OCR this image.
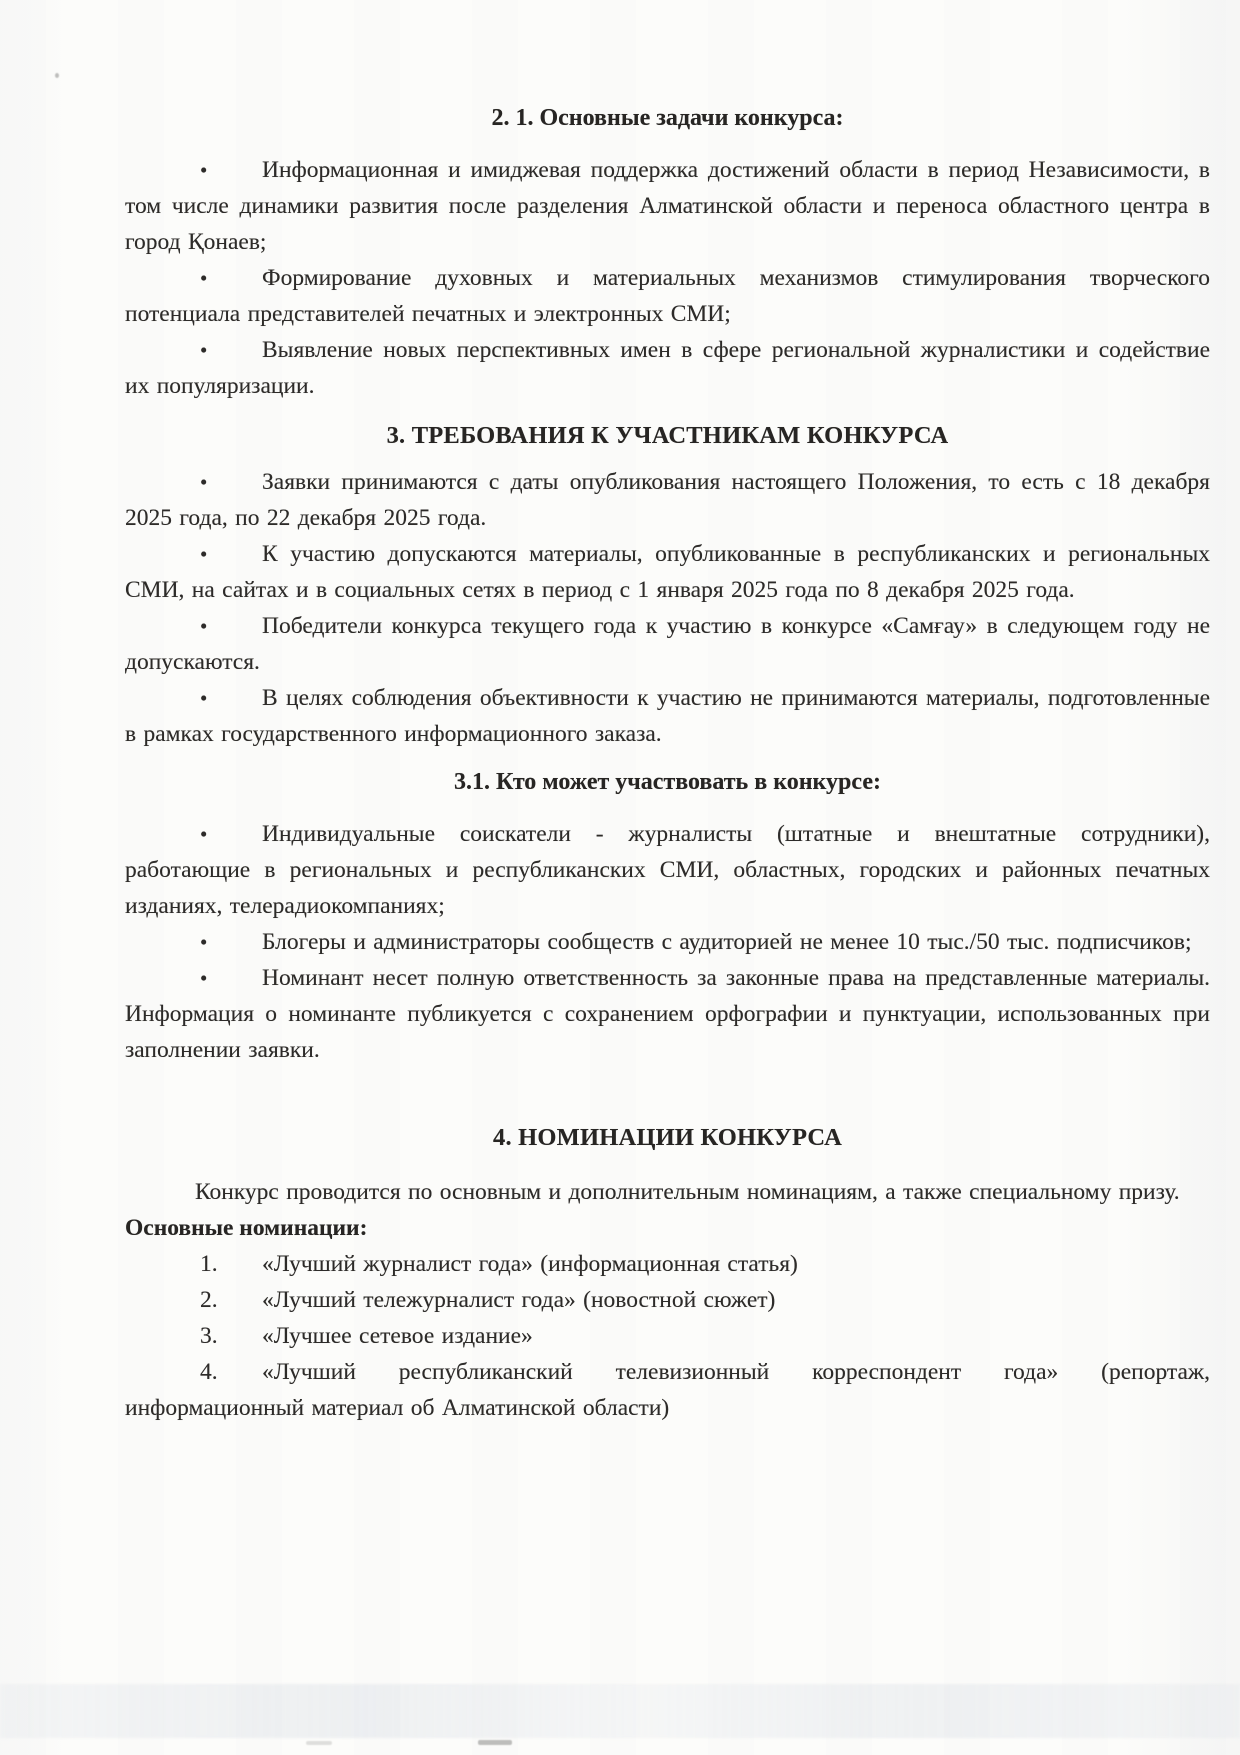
2. 1. Основные задачи конкурса:

• Информационная и имиджевая поддержка достижений области в период Независимости, в том числе динамики развития после разделения Алматинской области и переноса областного центра в город Қонаев;

• Формирование духовных и материальных механизмов стимулирования творческого потенциала представителей печатных и электронных СМИ;

• Выявление новых перспективных имен в сфере региональной журналистики и содействие их популяризации.

3. ТРЕБОВАНИЯ К УЧАСТНИКАМ КОНКУРСА

• Заявки принимаются с даты опубликования настоящего Положения, то есть с 18 декабря 2025 года, по 22 декабря 2025 года.

• К участию допускаются материалы, опубликованные в республиканских и региональных СМИ, на сайтах и в социальных сетях в период с 1 января 2025 года по 8 декабря 2025 года.

• Победители конкурса текущего года к участию в конкурсе «Самғау» в следующем году не допускаются.

• В целях соблюдения объективности к участию не принимаются материалы, подготовленные в рамках государственного информационного заказа.

3.1. Кто может участвовать в конкурсе:

• Индивидуальные соискатели - журналисты (штатные и внештатные сотрудники), работающие в региональных и республиканских СМИ, областных, городских и районных печатных изданиях, телерадиокомпаниях;

• Блогеры и администраторы сообществ с аудиторией не менее 10 тыс./50 тыс. подписчиков;

• Номинант несет полную ответственность за законные права на представленные материалы. Информация о номинанте публикуется с сохранением орфографии и пунктуации, использованных при заполнении заявки.

4. НОМИНАЦИИ КОНКУРСА

Конкурс проводится по основным и дополнительным номинациям, а также специальному призу.

Основные номинации:

1. «Лучший журналист года» (информационная статья)

2. «Лучший тележурналист года» (новостной сюжет)

3. «Лучшее сетевое издание»

4. «Лучший республиканский телевизионный корреспондент года» (репортаж, информационный материал об Алматинской области)
